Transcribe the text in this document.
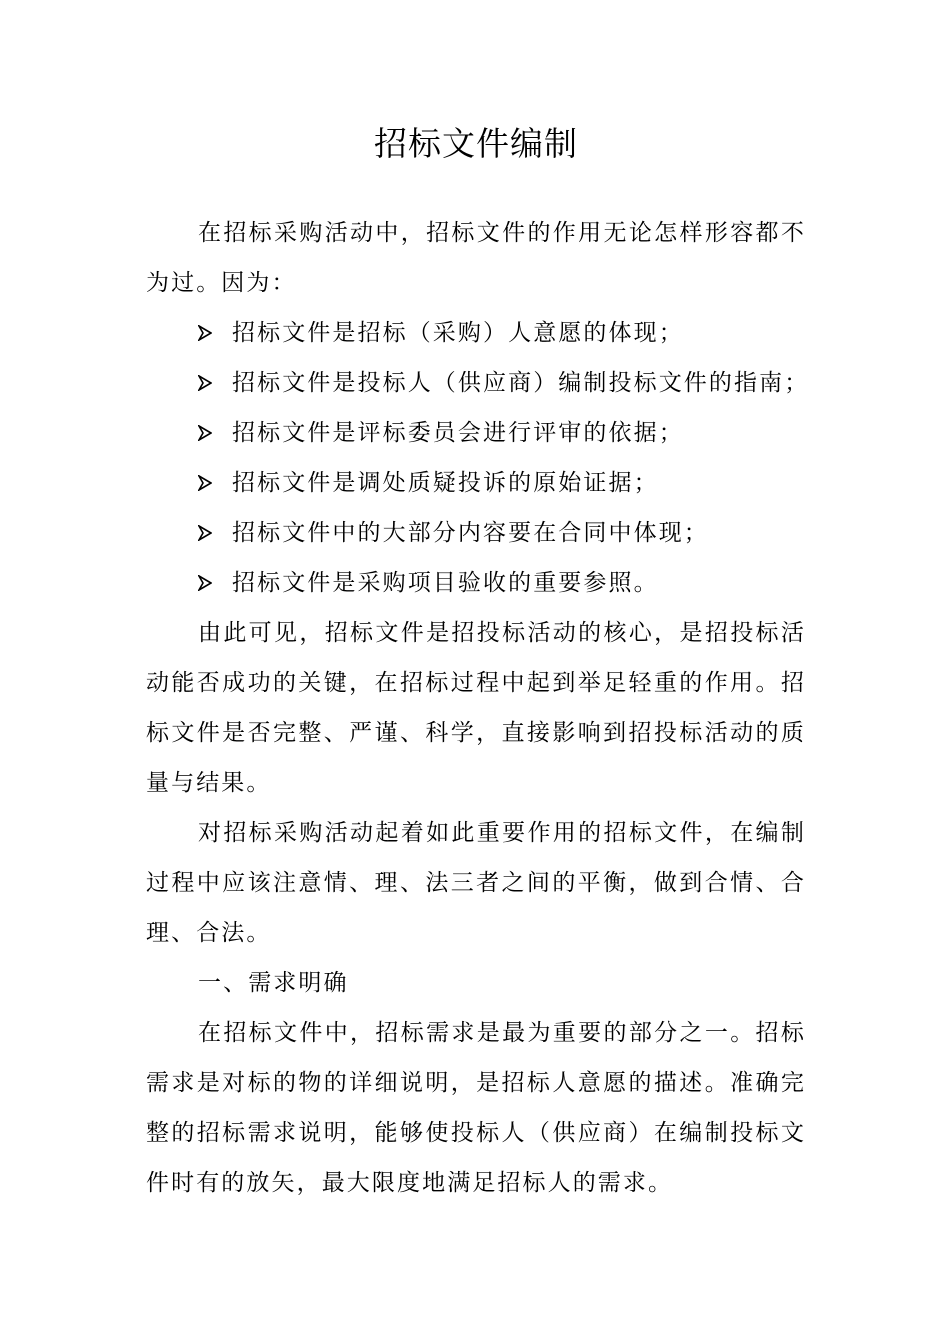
招标文件编制

在招标采购活动中，招标文件的作用无论怎样形容都不为过。因为：

招标文件是招标（采购）人意愿的体现；
招标文件是投标人（供应商）编制投标文件的指南；
招标文件是评标委员会进行评审的依据；
招标文件是调处质疑投诉的原始证据；
招标文件中的大部分内容要在合同中体现；
招标文件是采购项目验收的重要参照。

由此可见，招标文件是招投标活动的核心，是招投标活动能否成功的关键，在招标过程中起到举足轻重的作用。招标文件是否完整、严谨、科学，直接影响到招投标活动的质量与结果。

对招标采购活动起着如此重要作用的招标文件，在编制过程中应该注意情、理、法三者之间的平衡，做到合情、合理、合法。

一、需求明确

在招标文件中，招标需求是最为重要的部分之一。招标需求是对标的物的详细说明，是招标人意愿的描述。准确完整的招标需求说明，能够使投标人（供应商）在编制投标文件时有的放矢，最大限度地满足招标人的需求。
